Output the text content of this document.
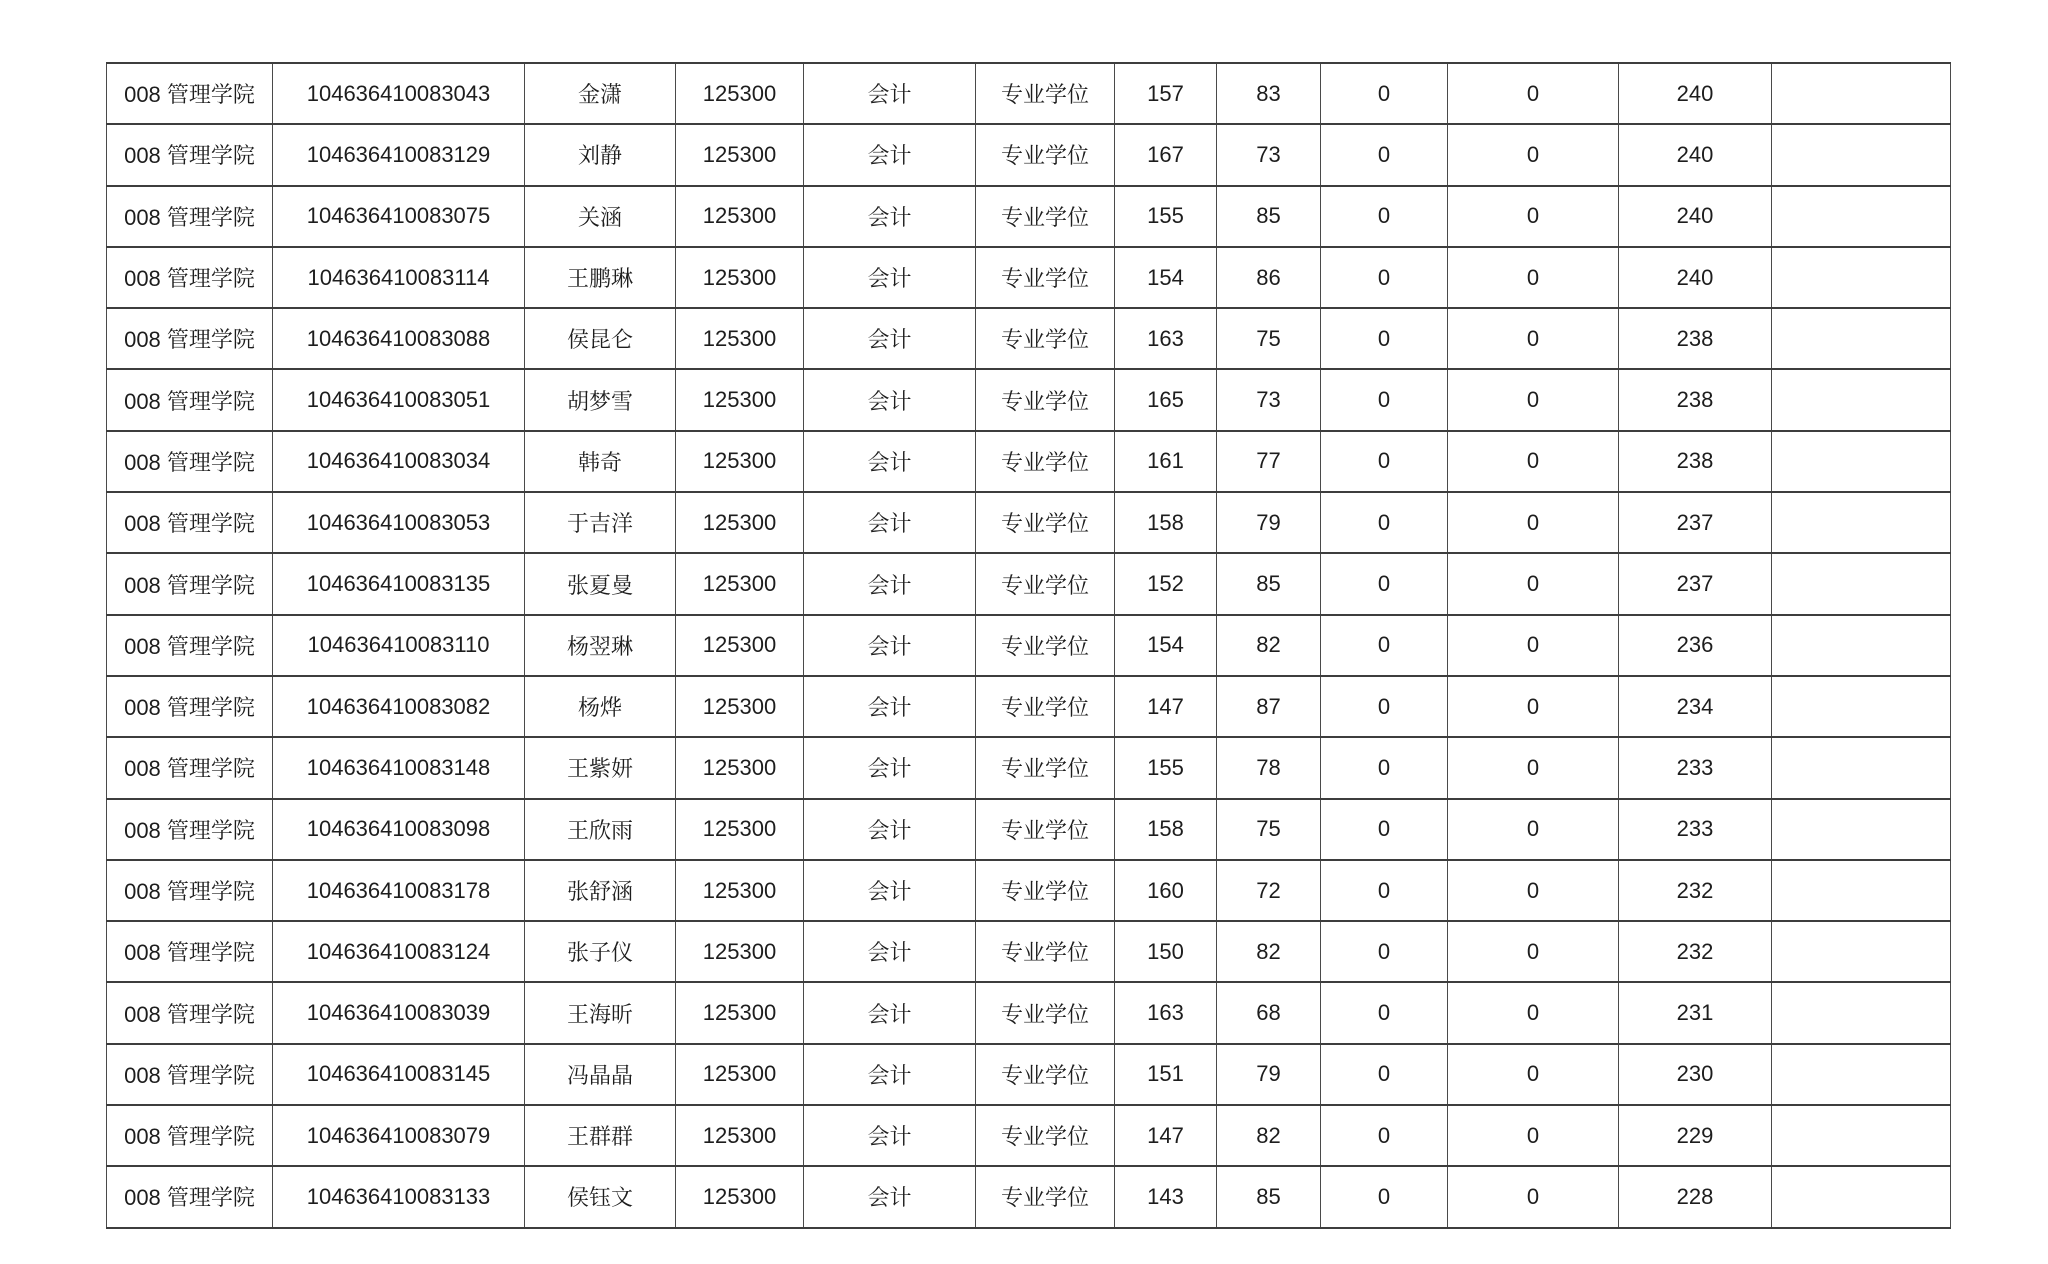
008 管理学院	104636410083043	金潇	125300	会计	专业学位	157	83	0	0	240	
008 管理学院	104636410083129	刘静	125300	会计	专业学位	167	73	0	0	240	
008 管理学院	104636410083075	关涵	125300	会计	专业学位	155	85	0	0	240	
008 管理学院	104636410083114	王鹏琳	125300	会计	专业学位	154	86	0	0	240	
008 管理学院	104636410083088	侯昆仑	125300	会计	专业学位	163	75	0	0	238	
008 管理学院	104636410083051	胡梦雪	125300	会计	专业学位	165	73	0	0	238	
008 管理学院	104636410083034	韩奇	125300	会计	专业学位	161	77	0	0	238	
008 管理学院	104636410083053	于吉洋	125300	会计	专业学位	158	79	0	0	237	
008 管理学院	104636410083135	张夏曼	125300	会计	专业学位	152	85	0	0	237	
008 管理学院	104636410083110	杨翌琳	125300	会计	专业学位	154	82	0	0	236	
008 管理学院	104636410083082	杨烨	125300	会计	专业学位	147	87	0	0	234	
008 管理学院	104636410083148	王紫妍	125300	会计	专业学位	155	78	0	0	233	
008 管理学院	104636410083098	王欣雨	125300	会计	专业学位	158	75	0	0	233	
008 管理学院	104636410083178	张舒涵	125300	会计	专业学位	160	72	0	0	232	
008 管理学院	104636410083124	张子仪	125300	会计	专业学位	150	82	0	0	232	
008 管理学院	104636410083039	王海昕	125300	会计	专业学位	163	68	0	0	231	
008 管理学院	104636410083145	冯晶晶	125300	会计	专业学位	151	79	0	0	230	
008 管理学院	104636410083079	王群群	125300	会计	专业学位	147	82	0	0	229	
008 管理学院	104636410083133	侯钰文	125300	会计	专业学位	143	85	0	0	228	
